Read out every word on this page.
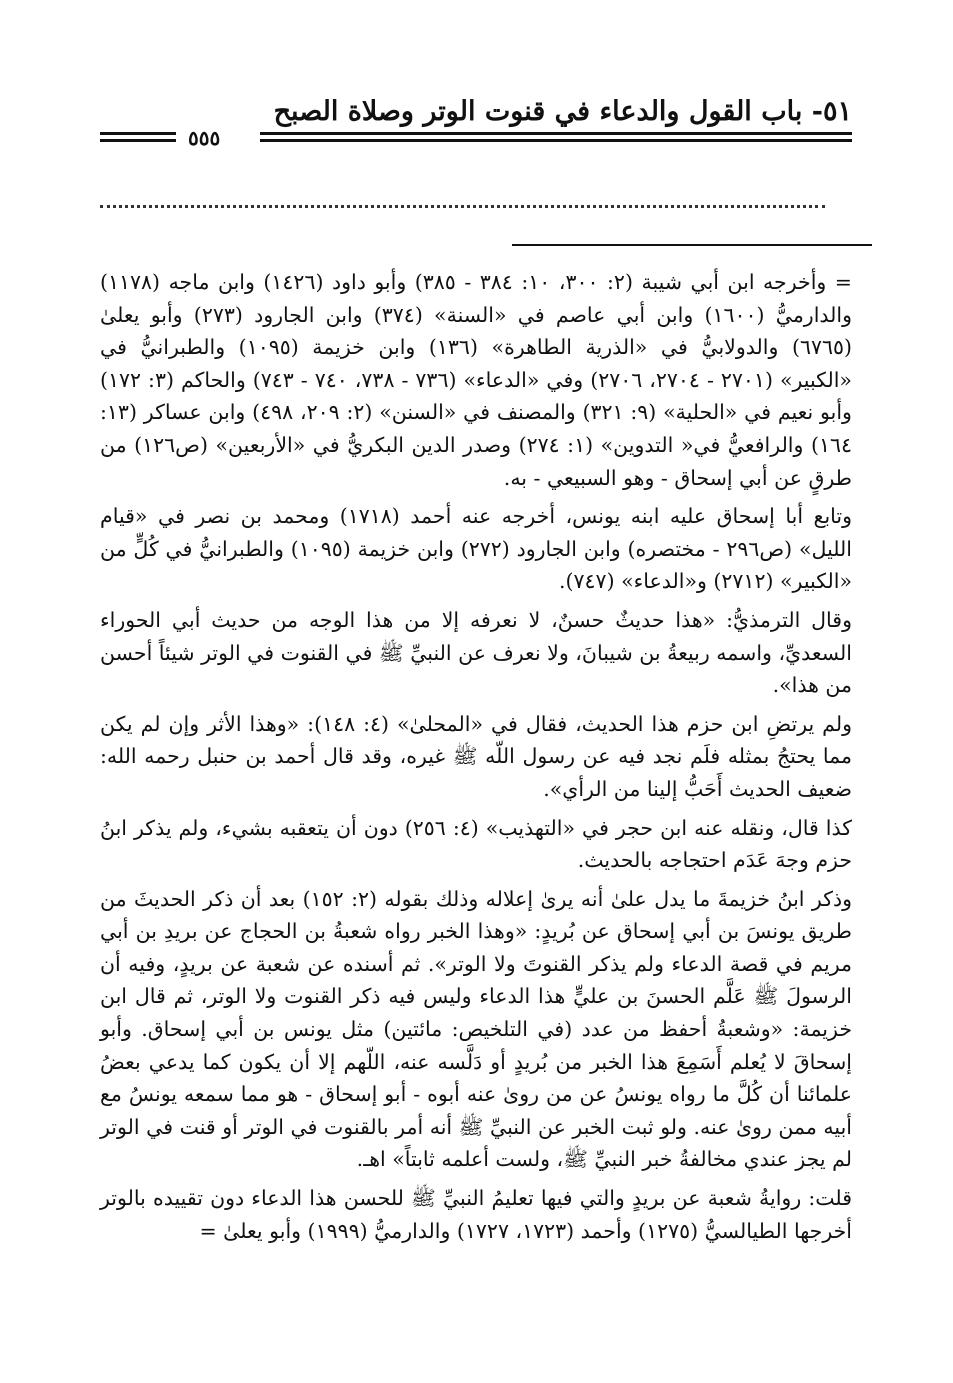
٥١- باب القول والدعاء في قنوت الوتر وصلاة الصبح
٥٥٥

= وأخرجه ابن أبي شيبة (٢: ٣٠٠، ١٠: ٣٨٤ - ٣٨٥) وأبو داود (١٤٢٦) وابن ماجه (١١٧٨) والدارميُّ (١٦٠٠) وابن أبي عاصم في «السنة» (٣٧٤) وابن الجارود (٢٧٣) وأبو يعلىٰ (٦٧٦٥) والدولابيُّ في «الذرية الطاهرة» (١٣٦) وابن خزيمة (١٠٩٥) والطبرانيُّ في «الكبير» (٢٧٠١ - ٢٧٠٤، ٢٧٠٦) وفي «الدعاء» (٧٣٦ - ٧٣٨، ٧٤٠ - ٧٤٣) والحاكم (٣: ١٧٢) وأبو نعيم في «الحلية» (٩: ٣٢١) والمصنف في «السنن» (٢: ٢٠٩، ٤٩٨) وابن عساكر (١٣: ١٦٤) والرافعيُّ في« التدوين» (١: ٢٧٤) وصدر الدين البكريُّ في «الأربعين» (ص١٢٦) من طرقٍ عن أبي إسحاق - وهو السبيعي - به.

وتابع أبا إسحاق عليه ابنه يونس، أخرجه عنه أحمد (١٧١٨) ومحمد بن نصر في «قيام الليل» (ص٢٩٦ - مختصره) وابن الجارود (٢٧٢) وابن خزيمة (١٠٩٥) والطبرانيُّ في كُلٍّ من «الكبير» (٢٧١٢) و«الدعاء» (٧٤٧).

وقال الترمذيُّ: «هذا حديثٌ حسنٌ، لا نعرفه إلا من هذا الوجه من حديث أبي الحوراء السعديِّ، واسمه ربيعةُ بن شيبانَ، ولا نعرف عن النبيِّ ﷺ في القنوت في الوتر شيئاً أحسن من هذا».

ولم يرتضِ ابن حزم هذا الحديث، فقال في «المحلىٰ» (٤: ١٤٨): «وهذا الأثر وإن لم يكن مما يحتجُ بمثله فلَم نجد فيه عن رسول اللّه ﷺ غيره، وقد قال أحمد بن حنبل رحمه الله: ضعيف الحديث أَحَبُّ إلينا من الرأي».

كذا قال، ونقله عنه ابن حجر في «التهذيب» (٤: ٢٥٦) دون أن يتعقبه بشيء، ولم يذكر ابنُ حزم وجهَ عَدَم احتجاجه بالحديث.

وذكر ابنُ خزيمةَ ما يدل علىٰ أنه يرىٰ إعلاله وذلك بقوله (٢: ١٥٢) بعد أن ذكر الحديثَ من طريق يونسَ بن أبي إسحاق عن بُريدٍ: «وهذا الخبر رواه شعبةُ بن الحجاج عن بريدِ بن أبي مريم في قصة الدعاء ولم يذكر القنوتَ ولا الوتر». ثم أسنده عن شعبة عن بريدٍ، وفيه أن الرسولَ ﷺ عَلَّم الحسنَ بن عليٍّ هذا الدعاء وليس فيه ذكر القنوت ولا الوتر، ثم قال ابن خزيمة: «وشعبةُ أحفظ من عدد (في التلخيص: مائتين) مثل يونس بن أبي إسحاق. وأبو إسحاقَ لا يُعلم أَسَمِعَ هذا الخبر من بُريدٍ أو دَلَّسه عنه، اللّهم إلا أن يكون كما يدعي بعضُ علمائنا أن كُلَّ ما رواه يونسُ عن من روىٰ عنه أبوه - أبو إسحاق - هو مما سمعه يونسُ مع أبيه ممن روىٰ عنه. ولو ثبت الخبر عن النبيِّ ﷺ أنه أمر بالقنوت في الوتر أو قنت في الوتر لم يجز عندي مخالفةُ خبر النبيِّ ﷺ، ولست أعلمه ثابتاً» اهـ.

قلت: روايةُ شعبة عن بريدٍ والتي فيها تعليمُ النبيِّ ﷺ للحسن هذا الدعاء دون تقييده بالوتر أخرجها الطيالسيُّ (١٢٧٥) وأحمد (١٧٢٣، ١٧٢٧) والدارميُّ (١٩٩٩) وأبو يعلىٰ =
